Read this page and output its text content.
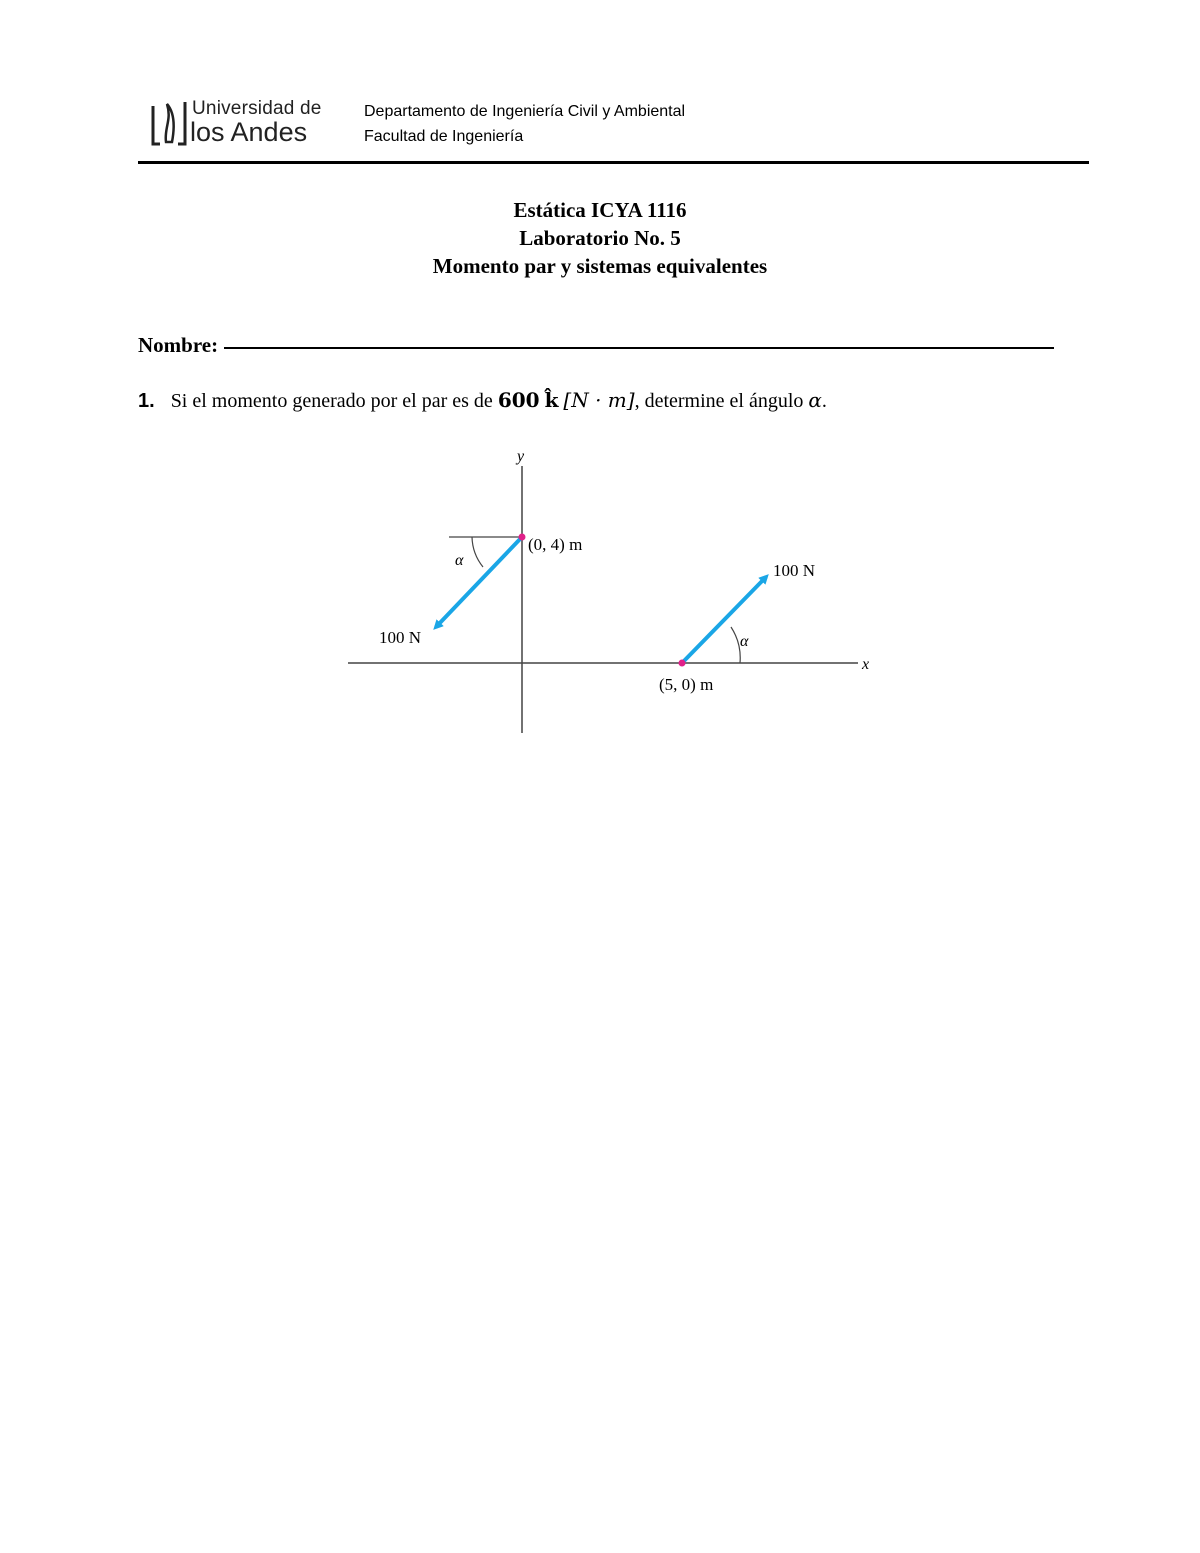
Universidad de
los Andes
Departamento de Ingeniería Civil y Ambiental
Facultad de Ingeniería
Estática ICYA 1116
Laboratorio No. 5
Momento par y sistemas equivalentes
Nombre:
1. Si el momento generado por el par es de 600 k̂ [N · m], determine el ángulo α.
x
y
α
α
(0, 4) m
(5, 0) m
100 N
100 N
